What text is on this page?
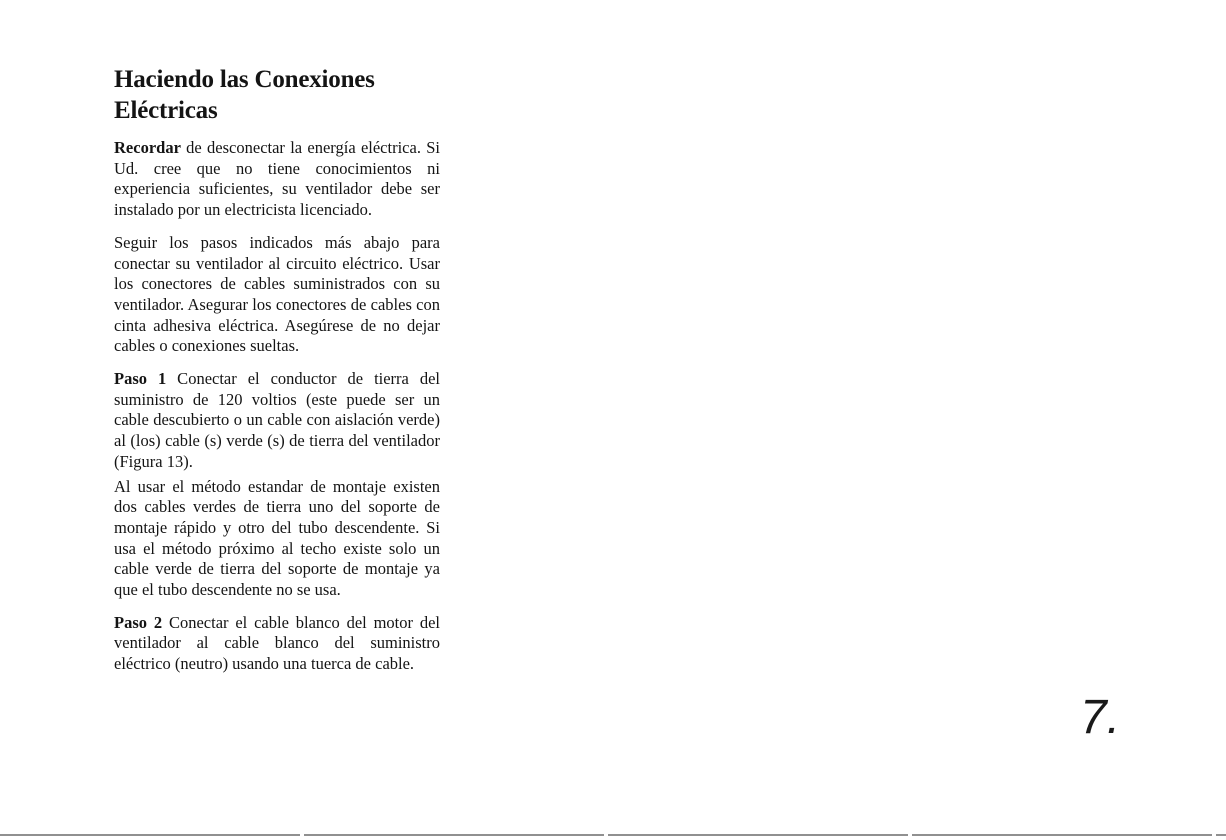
Haciendo las Conexiones
Eléctricas

Recordar de desconectar la energía eléctrica. Si Ud. cree que no tiene conocimientos ni experiencia suficientes, su ventilador debe ser instalado por un electricista licenciado.

Seguir los pasos indicados más abajo para conectar su ventilador al circuito eléctrico. Usar los conectores de cables suministrados con su ventilador. Asegurar los conectores de cables con cinta adhesiva eléctrica. Asegúrese de no dejar cables o conexiones sueltas.

Paso 1 Conectar el conductor de tierra del suministro de 120 voltios (este puede ser un cable descubierto o un cable con aislación verde) al (los) cable (s) verde (s) de tierra del ventilador (Figura 13).

Al usar el método estandar de montaje existen dos cables verdes de tierra uno del soporte de montaje rápido y otro del tubo descendente. Si usa el método próximo al techo existe solo un cable verde de tierra del soporte de montaje ya que el tubo descendente no se usa.

Paso 2 Conectar el cable blanco del motor del ventilador al cable blanco del suministro eléctrico (neutro) usando una tuerca de cable.

7.
